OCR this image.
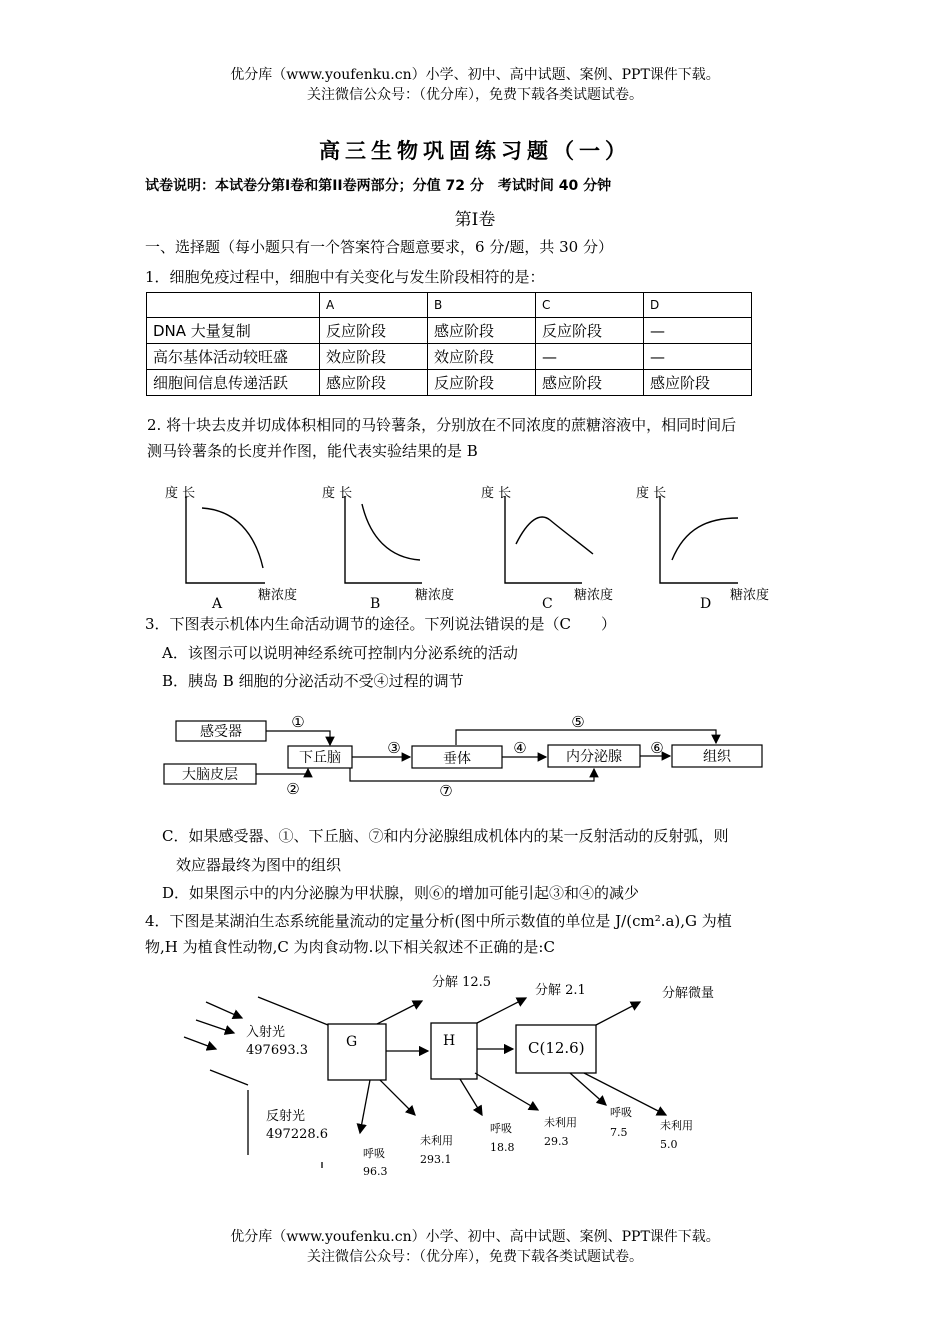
优分库（www.youfenku.cn）小学、初中、高中试题、案例、PPT课件下载。
关注微信公众号：（优分库），免费下载各类试题试卷。
高三生物巩固练习题（一）
试卷说明：本试卷分第I卷和第II卷两部分；分值 72 分　考试时间 40 分钟
第I卷
一、选择题（每小题只有一个答案符合题意要求，6 分/题，共 30 分）
1．细胞免疫过程中，细胞中有关变化与发生阶段相符的是：
	A	B	C	D
DNA 大量复制	反应阶段	感应阶段	反应阶段	—
高尔基体活动较旺盛	效应阶段	效应阶段	—	—
细胞间信息传递活跃	感应阶段	反应阶段	感应阶段	感应阶段
2. 将十块去皮并切成体积相同的马铃薯条，分别放在不同浓度的蔗糖溶液中，相同时间后
测马铃薯条的长度并作图，能代表实验结果的是 B
度 长
糖浓度
A
度 长
糖浓度
B
度 长
糖浓度
C
度 长
糖浓度
D
3．下图表示机体内生命活动调节的途径。下列说法错误的是（C　　）
A．该图示可以说明神经系统可控制内分泌系统的活动
B．胰岛 B 细胞的分泌活动不受④过程的调节
感受器
大脑皮层
下丘脑	垂体	内分泌腺	组织
①
②
③	④
⑤
⑥
⑦
C．如果感受器、①、下丘脑、⑦和内分泌腺组成机体内的某一反射活动的反射弧，则
效应器最终为图中的组织
D．如果图示中的内分泌腺为甲状腺，则⑥的增加可能引起③和④的减少
4．下图是某湖泊生态系统能量流动的定量分析(图中所示数值的单位是 J/(cm².a),G 为植
物,H 为植食性动物,C 为肉食动物.以下相关叙述不正确的是:C
入射光
497693.3
反射光
497228.6
G	H	C(12.6)
分解 12.5
分解 2.1	分解微量
呼吸
96.3
未利用
293.1
呼吸
18.8
未利用
29.3
呼吸
7.5
未利用
5.0
优分库（www.youfenku.cn）小学、初中、高中试题、案例、PPT课件下载。
关注微信公众号：（优分库），免费下载各类试题试卷。
